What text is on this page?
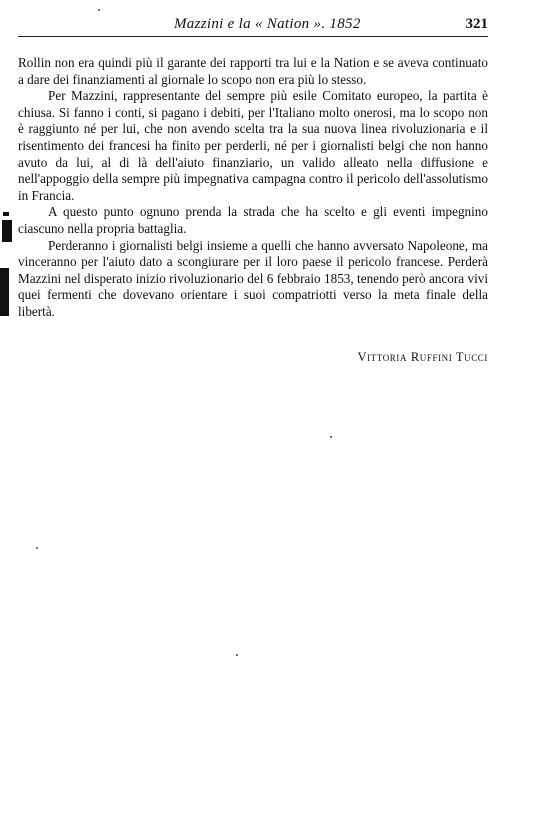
Mazzini e la « Nation ». 1852	321

Rollin non era quindi più il garante dei rapporti tra lui e la Nation e se aveva continuato a dare dei finanziamenti al giornale lo scopo non era più lo stesso.

Per Mazzini, rappresentante del sempre più esile Comitato europeo, la partita è chiusa. Si fanno i conti, si pagano i debiti, per l'Italiano molto onerosi, ma lo scopo non è raggiunto né per lui, che non avendo scelta tra la sua nuova linea rivoluzionaria e il risentimento dei francesi ha finito per perderli, né per i giornalisti belgi che non hanno avuto da lui, al di là dell'aiuto finanziario, un valido alleato nella diffusione e nell'appoggio della sempre più impegnativa campagna contro il pericolo dell'assolutismo in Francia.

A questo punto ognuno prenda la strada che ha scelto e gli eventi impegnino ciascuno nella propria battaglia.

Perderanno i giornalisti belgi insieme a quelli che hanno avversato Napoleone, ma vinceranno per l'aiuto dato a scongiurare per il loro paese il pericolo francese. Perderà Mazzini nel disperato inizio rivoluzionario del 6 febbraio 1853, tenendo però ancora vivi quei fermenti che dovevano orientare i suoi compatriotti verso la meta finale della libertà.

Vittoria Ruffini Tucci
